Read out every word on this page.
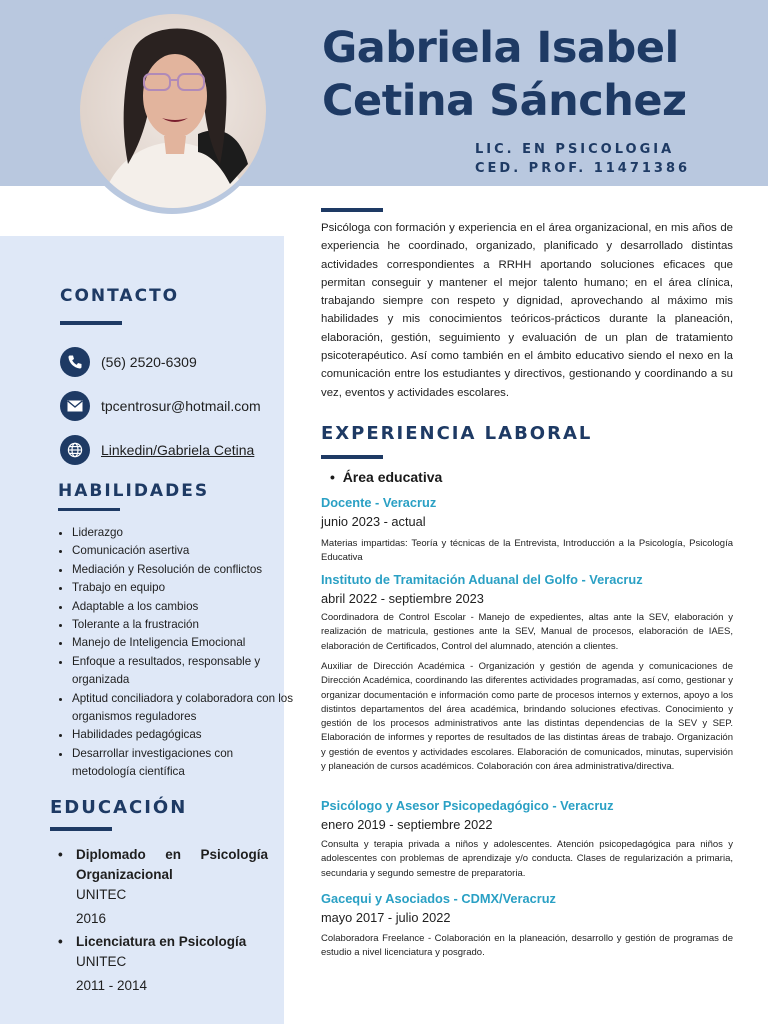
Gabriela Isabel
Cetina Sánchez
LIC. EN PSICOLOGIA
CED. PROF. 11471386
Psicóloga con formación y experiencia en el área organizacional, en mis años de experiencia he coordinado, organizado, planificado y desarrollado distintas actividades correspondientes a RRHH aportando soluciones eficaces que permitan conseguir y mantener el mejor talento humano; en el área clínica, trabajando siempre con respeto y dignidad, aprovechando al máximo mis habilidades y mis conocimientos teóricos-prácticos durante la planeación, elaboración, gestión, seguimiento y evaluación de un plan de tratamiento psicoterapéutico. Así como también en el ámbito educativo siendo el nexo en la comunicación entre los estudiantes y directivos, gestionando y coordinando a su vez, eventos y actividades escolares.
CONTACTO
(56) 2520-6309
tpcentrosur@hotmail.com
Linkedin/Gabriela Cetina
HABILIDADES
• Liderazgo
• Comunicación asertiva
• Mediación y Resolución de conflictos
• Trabajo en equipo
• Adaptable a los cambios
• Tolerante a la frustración
• Manejo de Inteligencia Emocional
• Enfoque a resultados, responsable y organizada
• Aptitud conciliadora y colaboradora con los organismos reguladores
• Habilidades pedagógicas
• Desarrollar investigaciones con metodología científica
EDUCACIÓN
• Diplomado en Psicología Organizacional
UNITEC
2016
• Licenciatura en Psicología
UNITEC
2011 - 2014
EXPERIENCIA LABORAL
•  Área educativa
Docente - Veracruz
junio 2023 - actual
Materias impartidas: Teoría y técnicas de la Entrevista, Introducción a la Psicología, Psicología Educativa
Instituto de Tramitación Aduanal del Golfo - Veracruz
abril 2022 - septiembre 2023
Coordinadora de Control Escolar - Manejo de expedientes, altas ante la SEV, elaboración y realización de matricula, gestiones ante la SEV, Manual de procesos, elaboración de IAES, elaboración de Certificados, Control del alumnado, atención a clientes.
Auxiliar de Dirección Académica - Organización y gestión de agenda y comunicaciones de Dirección Académica, coordinando las diferentes actividades programadas, así como, gestionar y organizar documentación e información como parte de procesos internos y externos, apoyo a los distintos departamentos del área académica, brindando soluciones efectivas. Conocimiento y gestión de los procesos administrativos ante las distintas dependencias de la SEV y SEP. Elaboración de informes y reportes de resultados de las distintas áreas de trabajo. Organización y gestión de eventos y actividades escolares. Elaboración de comunicados, minutas, supervisión y planeación de cursos académicos. Colaboración con área administrativa/directiva.
Psicólogo y Asesor Psicopedagógico - Veracruz
enero 2019 - septiembre 2022
Consulta y terapia privada a niños y adolescentes. Atención psicopedagógica para niños y adolescentes con problemas de aprendizaje y/o conducta. Clases de regularización a primaria, secundaria y segundo semestre de preparatoria.
Gacequi y Asociados - CDMX/Veracruz
mayo 2017 - julio 2022
Colaboradora Freelance - Colaboración en la planeación, desarrollo y gestión de programas de estudio a nivel licenciatura y posgrado.
